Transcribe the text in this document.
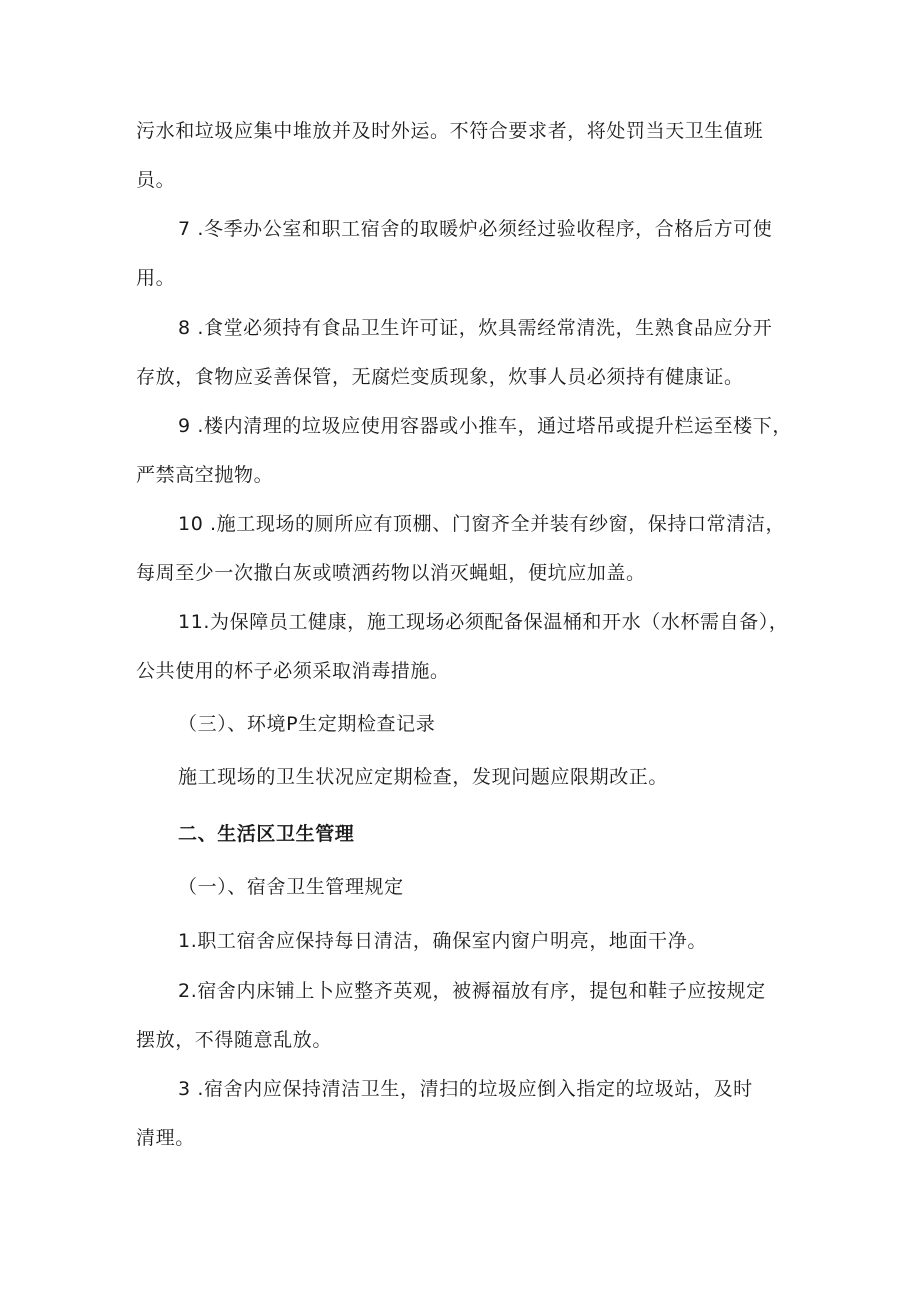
污水和垃圾应集中堆放并及时外运。不符合要求者，将处罚当天卫生值班
员。
7 .冬季办公室和职工宿舍的取暖炉必须经过验收程序，合格后方可使
用。
8 .食堂必须持有食品卫生许可证，炊具需经常清洗，生熟食品应分开
存放，食物应妥善保管，无腐烂变质现象，炊事人员必须持有健康证。
9 .楼内清理的垃圾应使用容器或小推车，通过塔吊或提升栏运至楼下，
严禁高空抛物。
10 .施工现场的厕所应有顶棚、门窗齐全并装有纱窗，保持口常清洁，
每周至少一次撒白灰或喷洒药物以消灭蝇蛆，便坑应加盖。
11.为保障员工健康，施工现场必须配备保温桶和开水（水杯需自备），
公共使用的杯子必须采取消毒措施。
（三）、环境P生定期检查记录
施工现场的卫生状况应定期检查，发现问题应限期改正。
二、生活区卫生管理
（一）、宿舍卫生管理规定
1.职工宿舍应保持每日清洁，确保室内窗户明亮，地面干净。
2.宿舍内床铺上卜应整齐英观，被褥福放有序，提包和鞋子应按规定
摆放，不得随意乱放。
3 .宿舍内应保持清洁卫生，清扫的垃圾应倒入指定的垃圾站，及时
清理。
